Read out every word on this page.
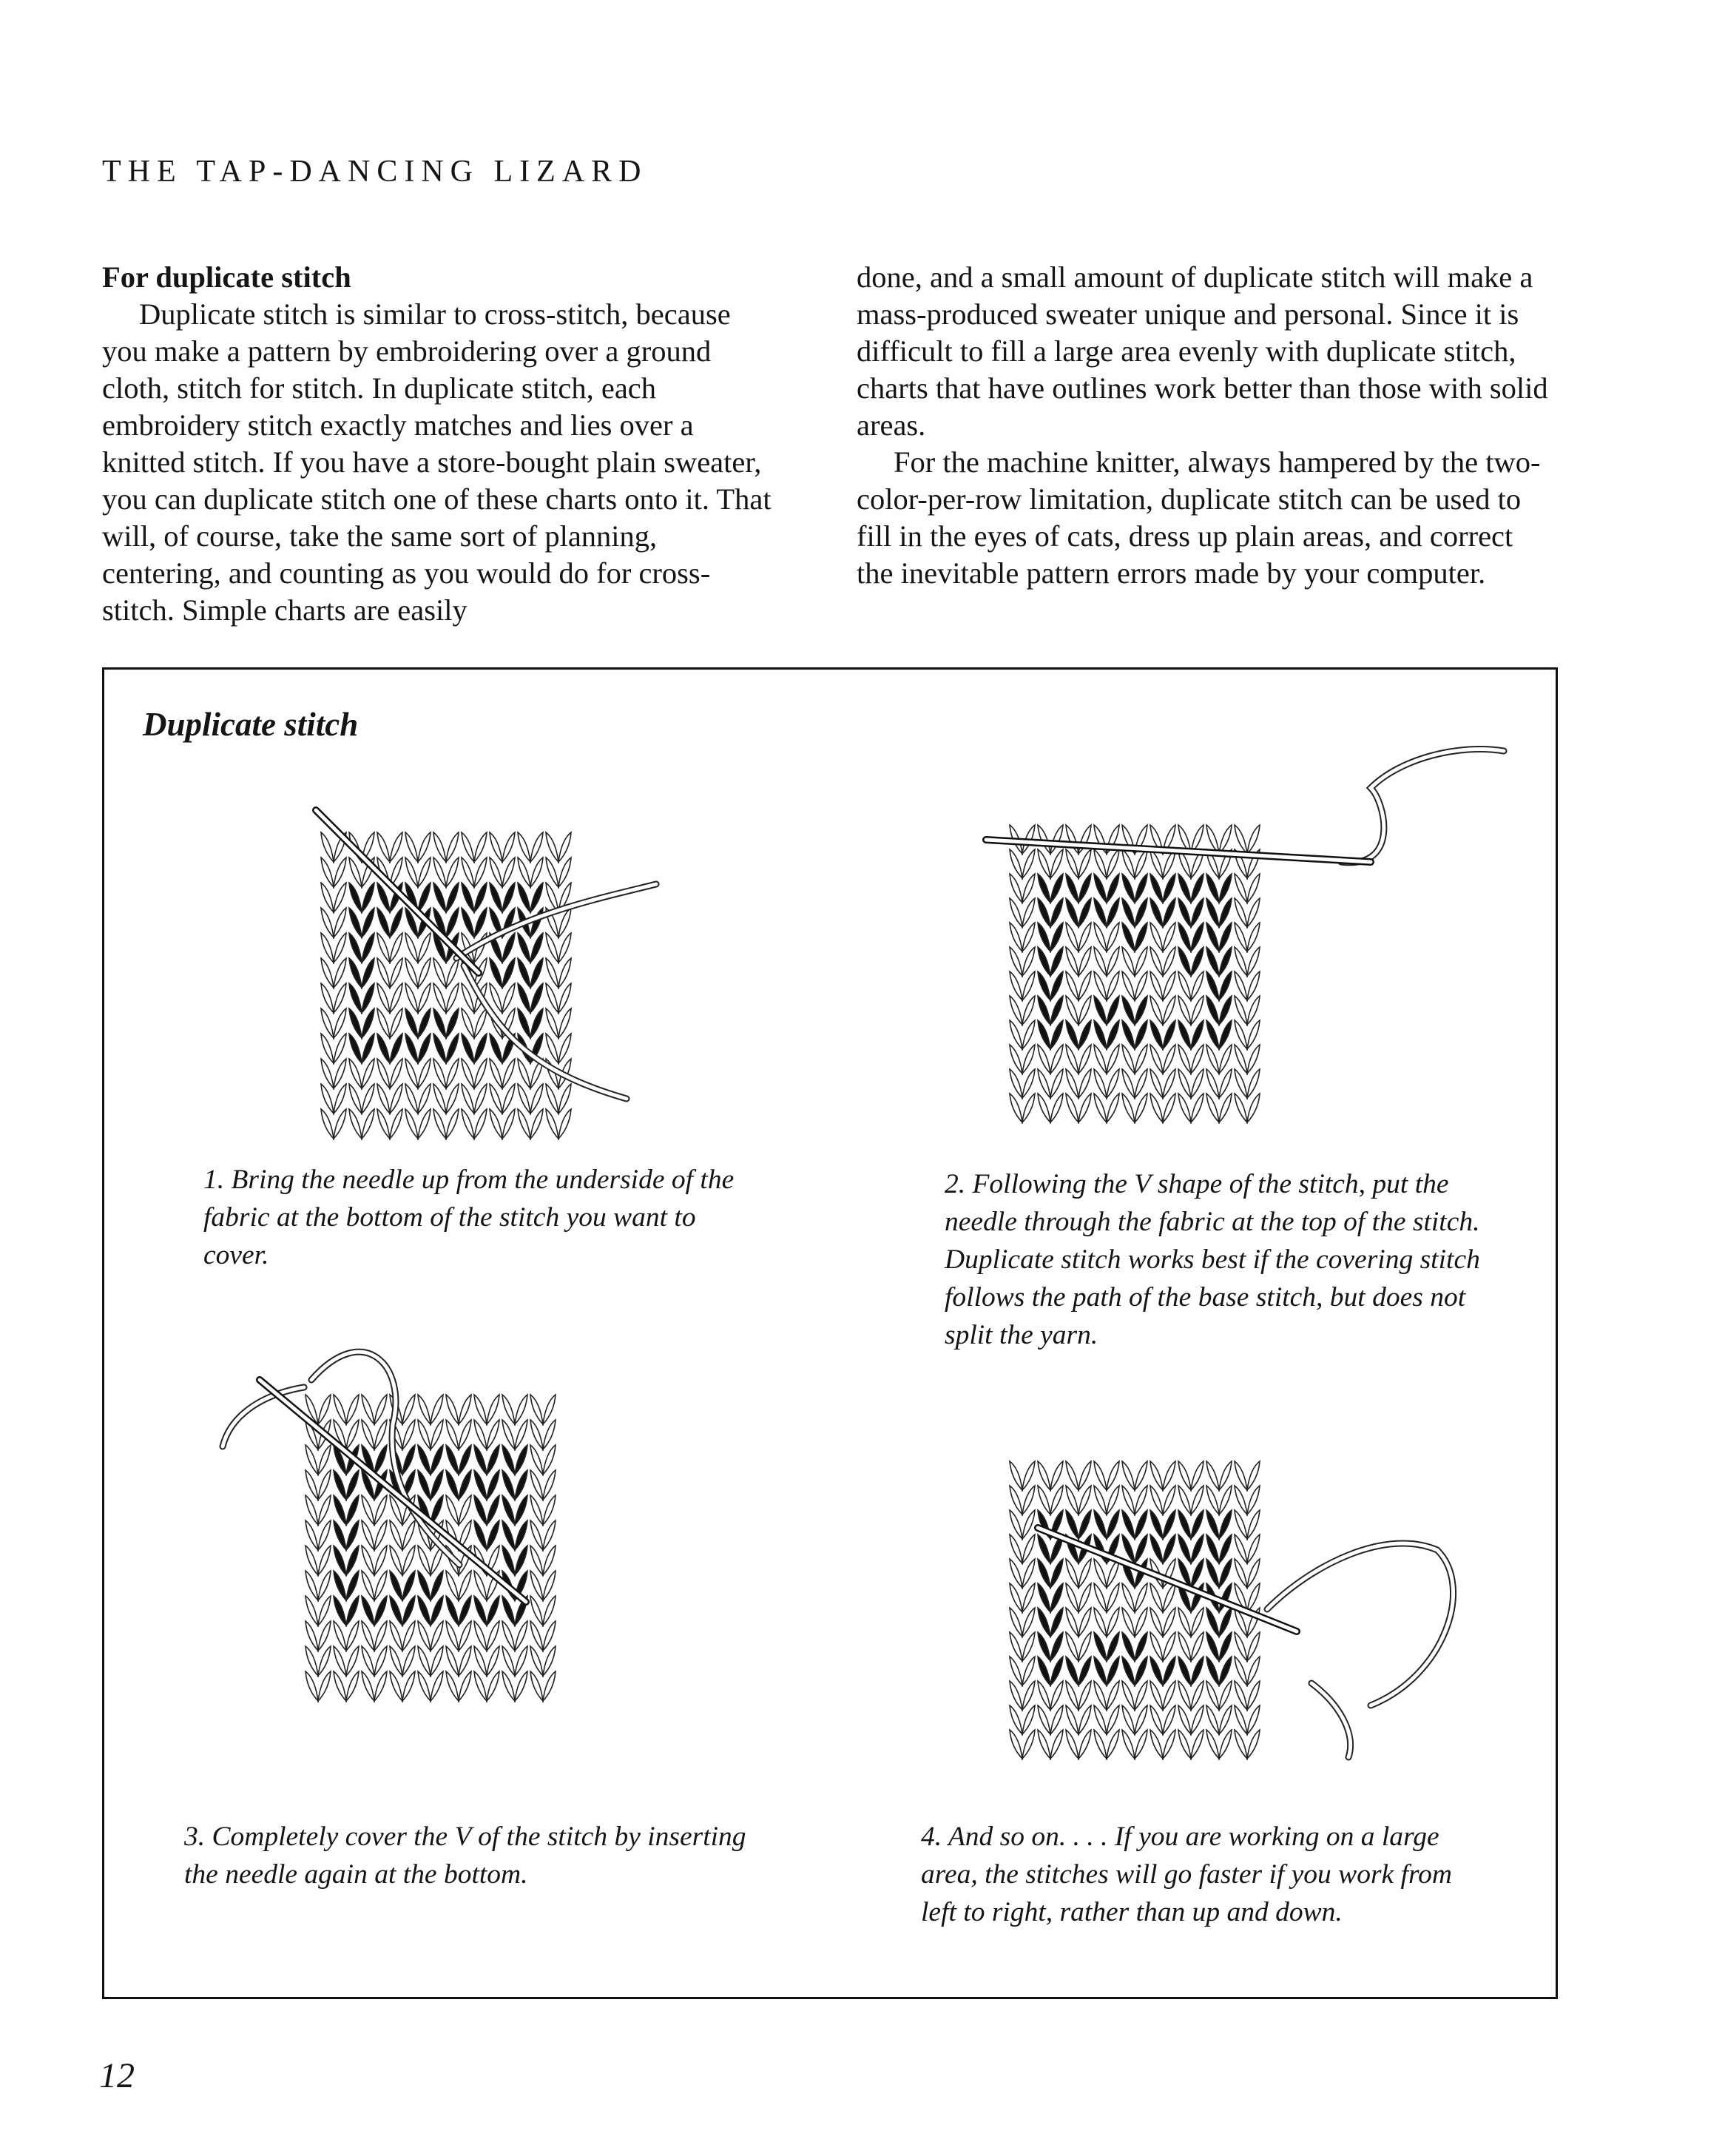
THE TAP-DANCING LIZARD

For duplicate stitch

Duplicate stitch is similar to cross-stitch, because you make a pattern by embroidering over a ground cloth, stitch for stitch. In duplicate stitch, each embroidery stitch exactly matches and lies over a knitted stitch. If you have a store-bought plain sweater, you can duplicate stitch one of these charts onto it. That will, of course, take the same sort of planning, centering, and counting as you would do for cross-stitch. Simple charts are easily

done, and a small amount of duplicate stitch will make a mass-produced sweater unique and personal. Since it is difficult to fill a large area evenly with duplicate stitch, charts that have outlines work better than those with solid areas.

For the machine knitter, always hampered by the two-color-per-row limitation, duplicate stitch can be used to fill in the eyes of cats, dress up plain areas, and correct the inevitable pattern errors made by your computer.

Duplicate stitch
1. Bring the needle up from the underside of the fabric at the bottom of the stitch you want to cover.
2. Following the V shape of the stitch, put the needle through the fabric at the top of the stitch. Duplicate stitch works best if the covering stitch follows the path of the base stitch, but does not split the yarn.
3. Completely cover the V of the stitch by inserting the needle again at the bottom.
4. And so on. . . . If you are working on a large area, the stitches will go faster if you work from left to right, rather than up and down.
12
